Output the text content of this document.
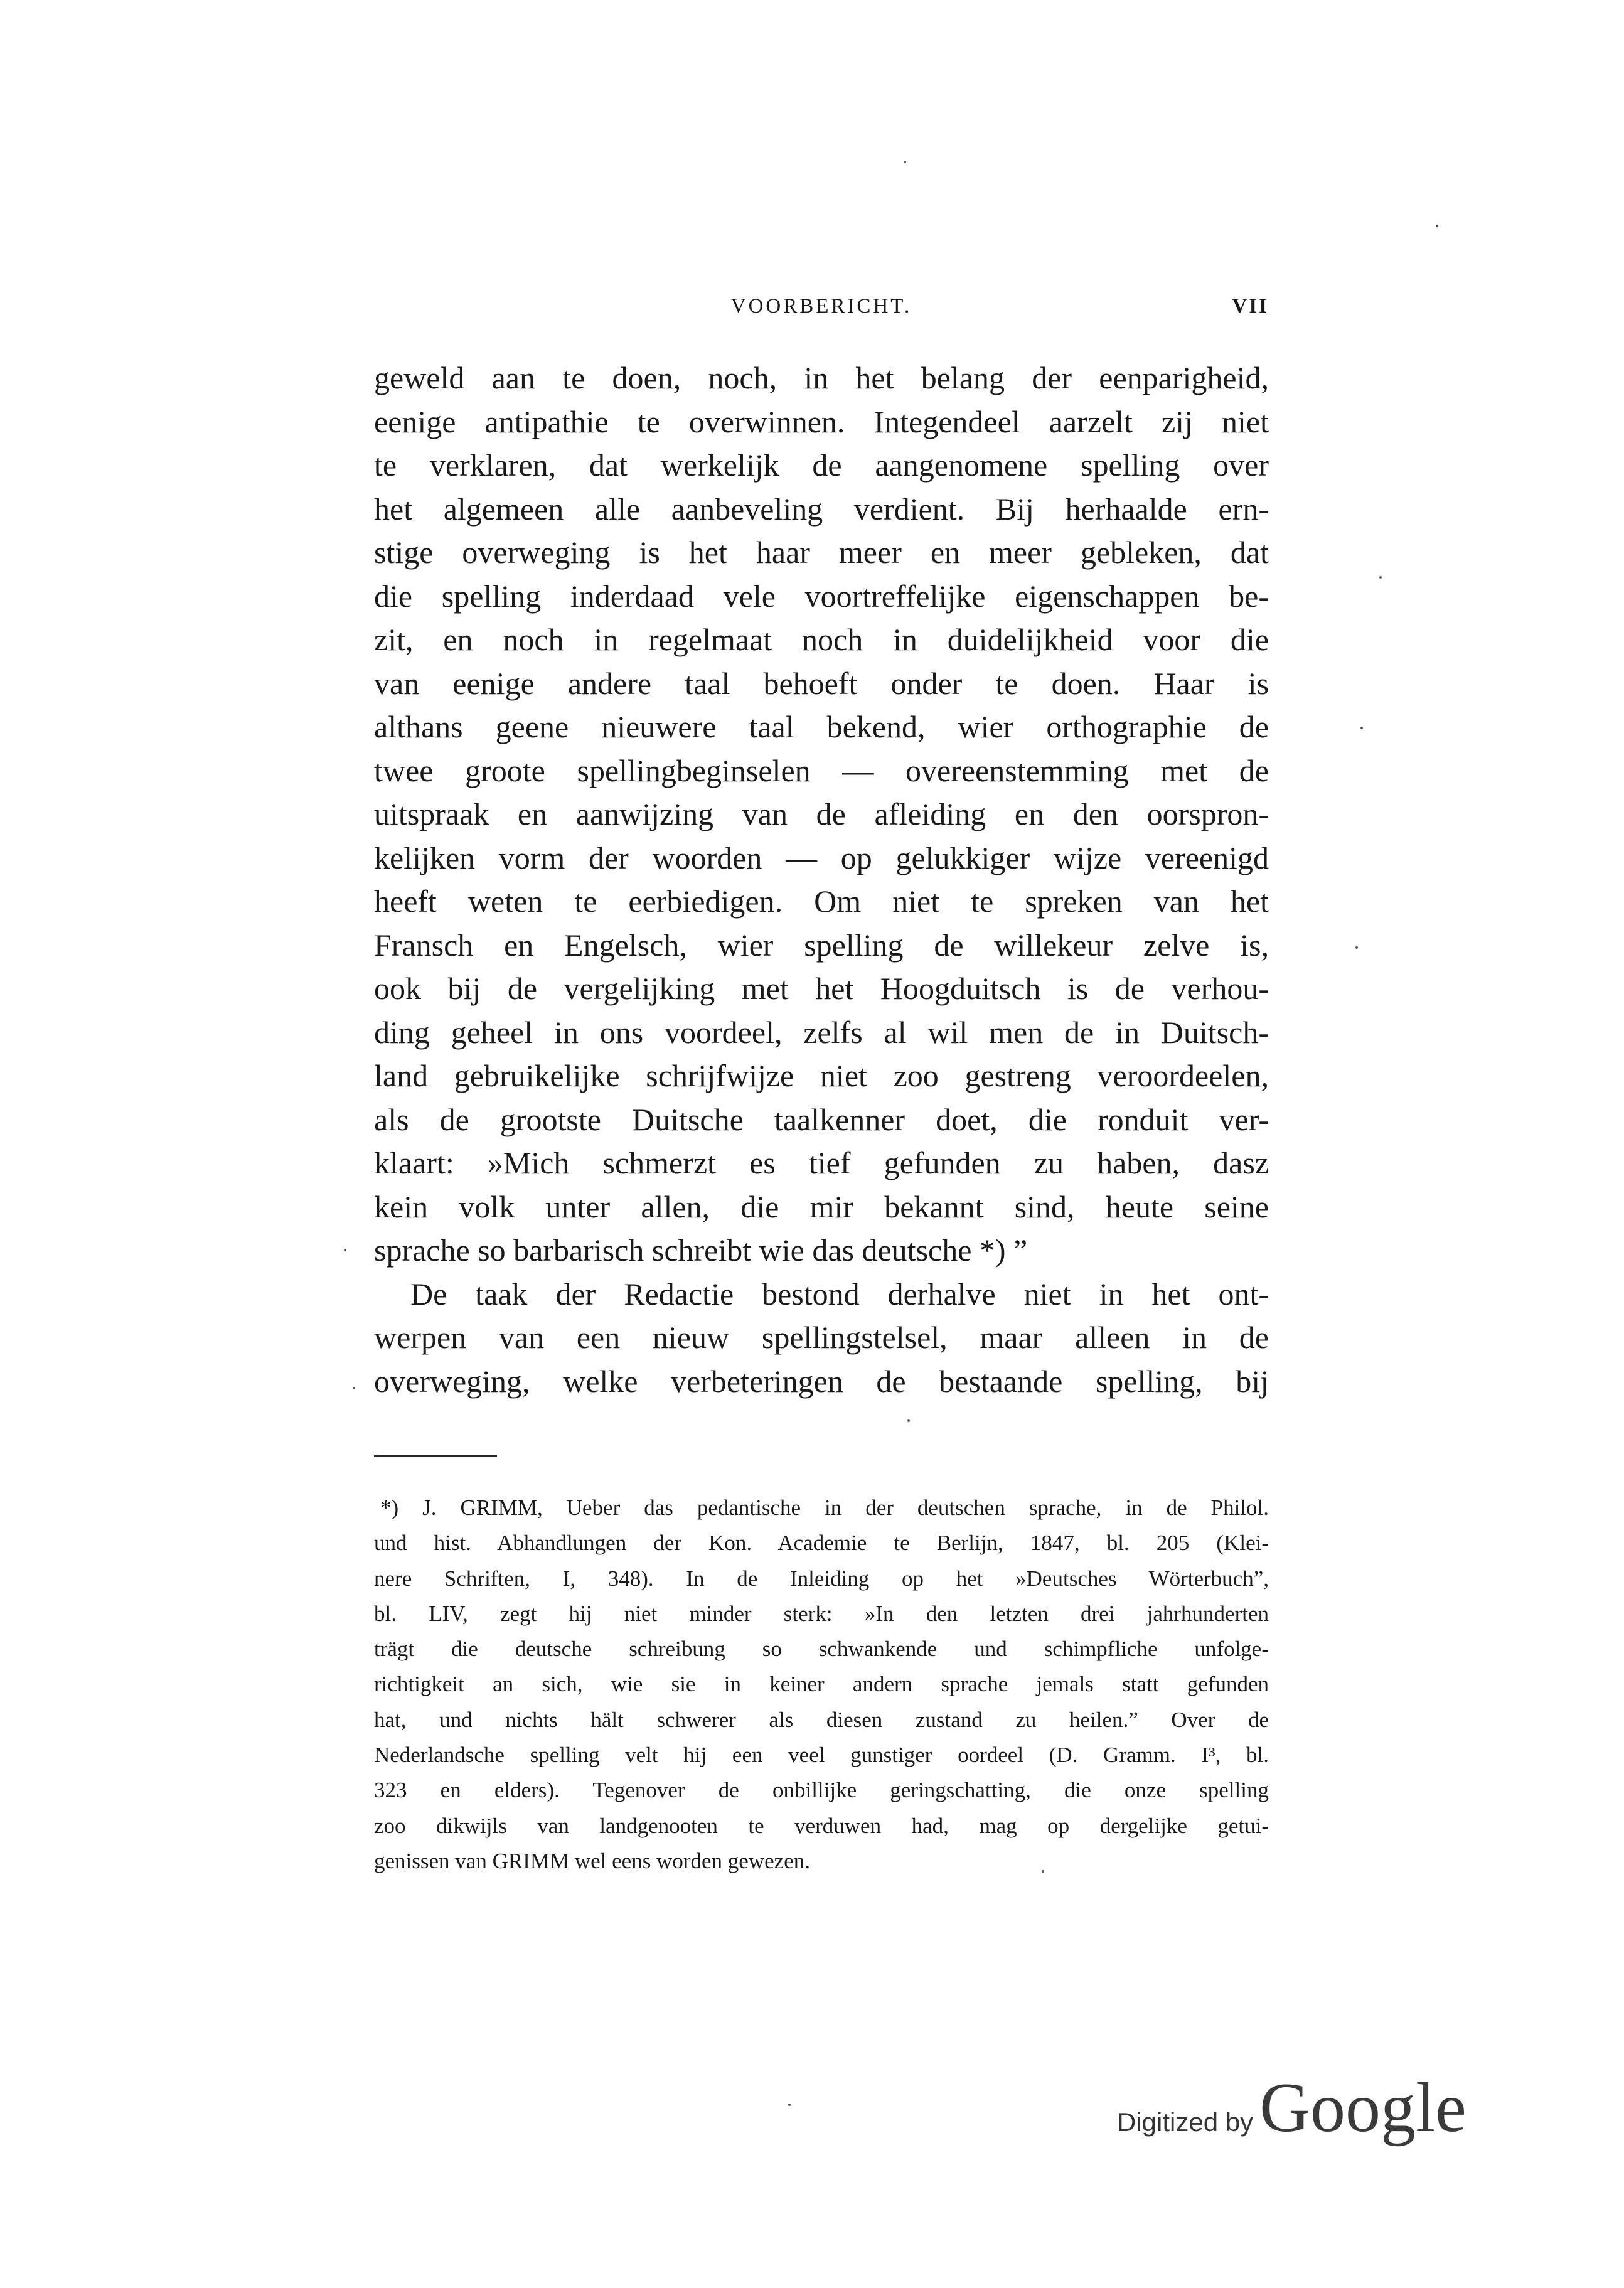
VOORBERICHT.	VII
geweld aan te doen, noch, in het belang der eenparigheid,
eenige antipathie te overwinnen. Integendeel aarzelt zij niet
te verklaren, dat werkelijk de aangenomene spelling over
het algemeen alle aanbeveling verdient. Bij herhaalde ern-
stige overweging is het haar meer en meer gebleken, dat
die spelling inderdaad vele voortreffelijke eigenschappen be-
zit, en noch in regelmaat noch in duidelijkheid voor die
van eenige andere taal behoeft onder te doen. Haar is
althans geene nieuwere taal bekend, wier orthographie de
twee groote spellingbeginselen — overeenstemming met de
uitspraak en aanwijzing van de afleiding en den oorspron-
kelijken vorm der woorden — op gelukkiger wijze vereenigd
heeft weten te eerbiedigen. Om niet te spreken van het
Fransch en Engelsch, wier spelling de willekeur zelve is,
ook bij de vergelijking met het Hoogduitsch is de verhou-
ding geheel in ons voordeel, zelfs al wil men de in Duitsch-
land gebruikelijke schrijfwijze niet zoo gestreng veroordeelen,
als de grootste Duitsche taalkenner doet, die ronduit ver-
klaart: »Mich schmerzt es tief gefunden zu haben, dasz
kein volk unter allen, die mir bekannt sind, heute seine
sprache so barbarisch schreibt wie das deutsche *) ”
De taak der Redactie bestond derhalve niet in het ont-
werpen van een nieuw spellingstelsel, maar alleen in de
overweging, welke verbeteringen de bestaande spelling, bij
*) J. GRIMM, Ueber das pedantische in der deutschen sprache, in de Philol.
und hist. Abhandlungen der Kon. Academie te Berlijn, 1847, bl. 205 (Klei-
nere Schriften, I, 348). In de Inleiding op het »Deutsches Wörterbuch”,
bl. LIV, zegt hij niet minder sterk: »In den letzten drei jahrhunderten
trägt die deutsche schreibung so schwankende und schimpfliche unfolge-
richtigkeit an sich, wie sie in keiner andern sprache jemals statt gefunden
hat, und nichts hält schwerer als diesen zustand zu heilen.” Over de
Nederlandsche spelling velt hij een veel gunstiger oordeel (D. Gramm. I³, bl.
323 en elders). Tegenover de onbillijke geringschatting, die onze spelling
zoo dikwijls van landgenooten te verduwen had, mag op dergelijke getui-
genissen van GRIMM wel eens worden gewezen.
Digitized by Google
